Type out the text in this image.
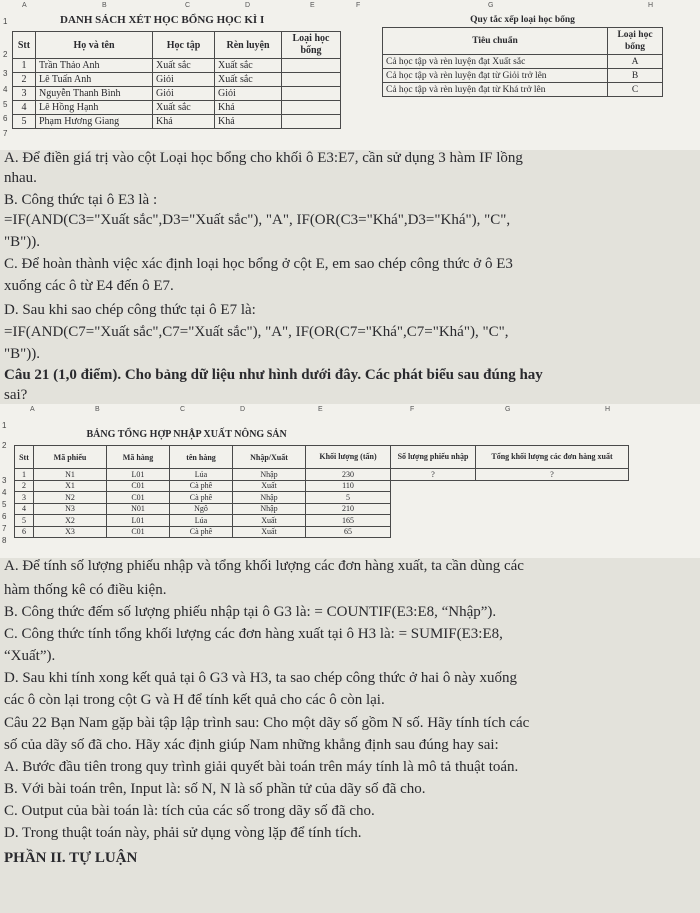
A	B	C	D	E	F	G	H
1
2
3
4
5
6
7
DANH SÁCH XÉT HỌC BỔNG HỌC KÌ I
Stt	Họ và tên	Học tập	Rèn luyện	Loại học bổng
1	Trần Thảo Anh	Xuất sắc	Xuất sắc	
2	Lê Tuấn Anh	Giỏi	Xuất sắc	
3	Nguyễn Thanh Bình	Giỏi	Giỏi	
4	Lê Hồng Hạnh	Xuất sắc	Khá	
5	Phạm Hương Giang	Khá	Khá	
Quy tắc xếp loại học bổng	
Tiêu chuẩn	Loại học bổng
Cả học tập và rèn luyện đạt Xuất sắc	A
Cả học tập và rèn luyện đạt từ Giỏi trở lên	B
Cả học tập và rèn luyện đạt từ Khá trở lên	C
A. Để điền giá trị vào cột Loại học bổng cho khối ô E3:E7, cần sử dụng 3 hàm IF lồng
nhau.
B. Công thức tại ô E3 là :
=IF(AND(C3="Xuất sắc",D3="Xuất sắc"), "A", IF(OR(C3="Khá",D3="Khá"), "C",
"B")).
C. Để hoàn thành việc xác định loại học bổng ở cột E, em sao chép công thức ở ô E3
xuống các ô từ E4 đến ô E7.
D. Sau khi sao chép công thức tại ô E7 là:
=IF(AND(C7="Xuất sắc",C7="Xuất sắc"), "A", IF(OR(C7="Khá",C7="Khá"), "C",
"B")).
Câu 21 (1,0 điểm). Cho bảng dữ liệu như hình dưới đây. Các phát biểu sau đúng hay
sai?
A	B	C	D	E	F	G	H
1
2
3
4
5
6
7
8
BẢNG TỔNG HỢP NHẬP XUẤT NÔNG SẢN							
Stt	Mã phiếu	Mã hàng	tên hàng	Nhập/Xuất	Khối lượng (tấn)	Số lượng phiếu nhập	Tổng khối lượng các đơn hàng xuất
1	N1	L01	Lúa	Nhập	230	?	?
2	X1	C01	Cà phê	Xuất	110		
3	N2	C01	Cà phê	Nhập	5		
4	N3	N01	Ngô	Nhập	210		
5	X2	L01	Lúa	Xuất	165		
6	X3	C01	Cà phê	Xuất	65		
A. Để tính số lượng phiếu nhập và tổng khối lượng các đơn hàng xuất, ta cần dùng các
hàm thống kê có điều kiện.
B. Công thức đếm số lượng phiếu nhập tại ô G3 là: = COUNTIF(E3:E8, “Nhập”).
C. Công thức tính tổng khối lượng các đơn hàng xuất tại ô H3 là: = SUMIF(E3:E8,
“Xuất”).
D. Sau khi tính xong kết quả tại ô G3 và H3, ta sao chép công thức ở hai ô này xuống
các ô còn lại trong cột G và H để tính kết quả cho các ô còn lại.
Câu 22 Bạn Nam gặp bài tập lập trình sau: Cho một dãy số gồm N số. Hãy tính tích các
số của dãy số đã cho. Hãy xác định giúp Nam những khẳng định sau đúng hay sai:
A. Bước đầu tiên trong quy trình giải quyết bài toán trên máy tính là mô tả thuật toán.
B. Với bài toán trên, Input là: số N, N là số phần tử của dãy số đã cho.
C. Output của bài toán là: tích của các số trong dãy số đã cho.
D. Trong thuật toán này, phải sử dụng vòng lặp để tính tích.
PHẦN II. TỰ LUẬN
